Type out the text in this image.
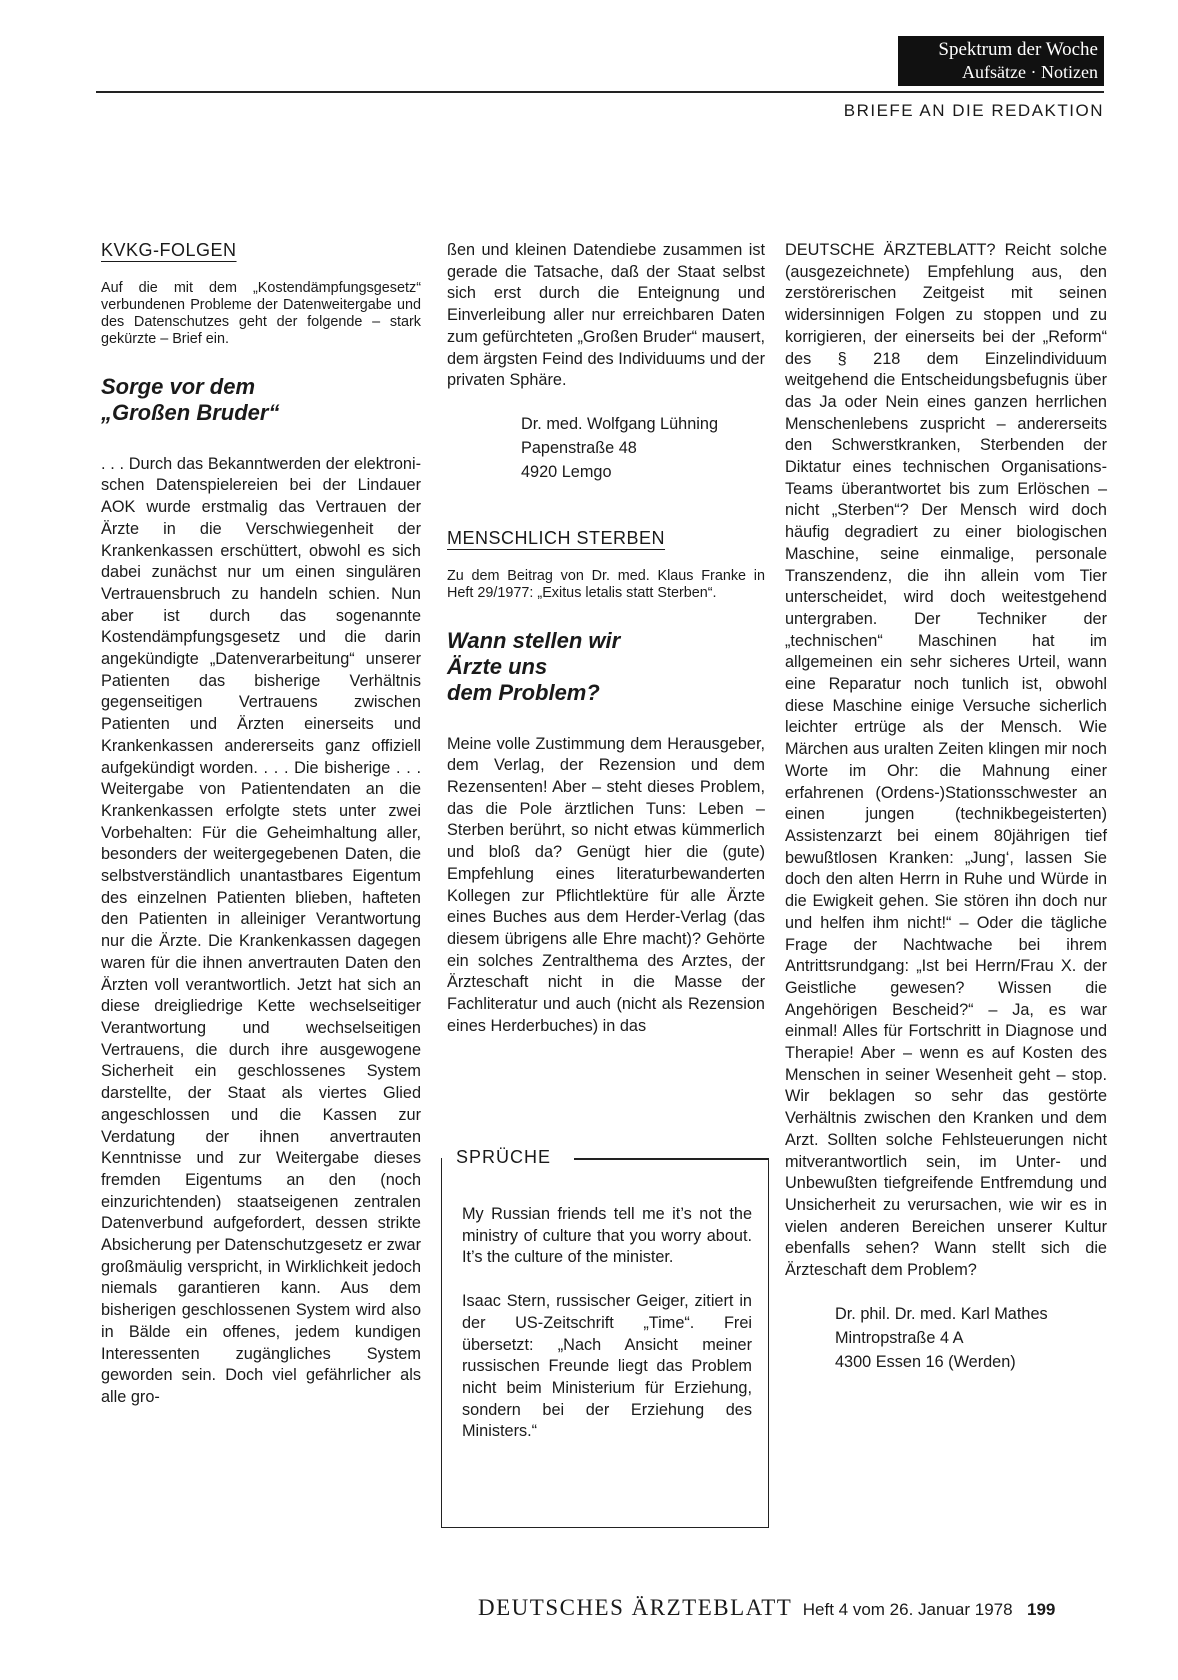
Spektrum der Woche
Aufsätze · Notizen
BRIEFE AN DIE REDAKTION
KVKG-FOLGEN
Auf die mit dem „Kostendämpfungsgesetz“ verbundenen Probleme der Datenweitergabe und des Datenschutzes geht der folgende – stark gekürzte – Brief ein.
Sorge vor dem
„Großen Bruder“
. . . Durch das Bekanntwerden der elektronischen Datenspielereien bei der Lindauer AOK wurde erstmalig das Vertrauen der Ärzte in die Verschwiegenheit der Krankenkassen erschüttert, obwohl es sich dabei zunächst nur um einen singulären Vertrauensbruch zu handeln schien. Nun aber ist durch das sogenannte Kostendämpfungsgesetz und die darin angekündigte „Datenverarbeitung“ unserer Patienten das bisherige Verhältnis gegenseitigen Vertrauens zwischen Patienten und Ärzten einerseits und Krankenkassen andererseits ganz offiziell aufgekündigt worden. . . . Die bisherige . . . Weitergabe von Patientendaten an die Krankenkassen erfolgte stets unter zwei Vorbehalten: Für die Geheimhaltung aller, besonders der weitergegebenen Daten, die selbstverständlich unantastbares Eigentum des einzelnen Patienten blieben, hafteten den Patienten in alleiniger Verantwortung nur die Ärzte. Die Krankenkassen dagegen waren für die ihnen anvertrauten Daten den Ärzten voll verantwortlich. Jetzt hat sich an diese dreigliedrige Kette wechselseitiger Verantwortung und wechselseitigen Vertrauens, die durch ihre ausgewogene Sicherheit ein geschlossenes System darstellte, der Staat als viertes Glied angeschlossen und die Kassen zur Verdatung der ihnen anvertrauten Kenntnisse und zur Weitergabe dieses fremden Eigentums an den (noch einzurichtenden) staatseigenen zentralen Datenverbund aufgefordert, dessen strikte Absicherung per Datenschutzgesetz er zwar großmäulig verspricht, in Wirklichkeit jedoch niemals garantieren kann. Aus dem bisherigen geschlossenen System wird also in Bälde ein offenes, jedem kundigen Interessenten zugängliches System geworden sein. Doch viel gefährlicher als alle gro-
ßen und kleinen Datendiebe zusammen ist gerade die Tatsache, daß der Staat selbst sich erst durch die Enteignung und Einverleibung aller nur erreichbaren Daten zum gefürchteten „Großen Bruder“ mausert, dem ärgsten Feind des Individuums und der privaten Sphäre.
Dr. med. Wolfgang Lühning
Papenstraße 48
4920 Lemgo
MENSCHLICH STERBEN
Zu dem Beitrag von Dr. med. Klaus Franke in Heft 29/1977: „Exitus letalis statt Sterben“.
Wann stellen wir
Ärzte uns
dem Problem?
Meine volle Zustimmung dem Herausgeber, dem Verlag, der Rezension und dem Rezensenten! Aber – steht dieses Problem, das die Pole ärztlichen Tuns: Leben – Sterben berührt, so nicht etwas kümmerlich und bloß da? Genügt hier die (gute) Empfehlung eines literaturbewanderten Kollegen zur Pflichtlektüre für alle Ärzte eines Buches aus dem Herder-Verlag (das diesem übrigens alle Ehre macht)? Gehörte ein solches Zentralthema des Arztes, der Ärzteschaft nicht in die Masse der Fachliteratur und auch (nicht als Rezension eines Herderbuches) in das
SPRÜCHE

My Russian friends tell me it’s not the ministry of culture that you worry about. It’s the culture of the minister.

Isaac Stern, russischer Geiger, zitiert in der US-Zeitschrift „Time“. Frei übersetzt: „Nach Ansicht meiner russischen Freunde liegt das Problem nicht beim Ministerium für Erziehung, sondern bei der Erziehung des Ministers.“

DEUTSCHE ÄRZTEBLATT? Reicht solche (ausgezeichnete) Empfehlung aus, den zerstörerischen Zeitgeist mit seinen widersinnigen Folgen zu stoppen und zu korrigieren, der einerseits bei der „Reform“ des § 218 dem Einzelindividuum weitgehend die Entscheidungsbefugnis über das Ja oder Nein eines ganzen herrlichen Menschenlebens zuspricht – andererseits den Schwerstkranken, Sterbenden der Diktatur eines technischen Organisations-Teams überantwortet bis zum Erlöschen – nicht „Sterben“? Der Mensch wird doch häufig degradiert zu einer biologischen Maschine, seine einmalige, personale Transzendenz, die ihn allein vom Tier unterscheidet, wird doch weitestgehend untergraben. Der Techniker der „technischen“ Maschinen hat im allgemeinen ein sehr sicheres Urteil, wann eine Reparatur noch tunlich ist, obwohl diese Maschine einige Versuche sicherlich leichter ertrüge als der Mensch. Wie Märchen aus uralten Zeiten klingen mir noch Worte im Ohr: die Mahnung einer erfahrenen (Ordens-)Stationsschwester an einen jungen (technikbegeisterten) Assistenzarzt bei einem 80jährigen tief bewußtlosen Kranken: „Jung‘, lassen Sie doch den alten Herrn in Ruhe und Würde in die Ewigkeit gehen. Sie stören ihn doch nur und helfen ihm nicht!“ – Oder die tägliche Frage der Nachtwache bei ihrem Antrittsrundgang: „Ist bei Herrn/Frau X. der Geistliche gewesen? Wissen die Angehörigen Bescheid?“ – Ja, es war einmal! Alles für Fortschritt in Diagnose und Therapie! Aber – wenn es auf Kosten des Menschen in seiner Wesenheit geht – stop. Wir beklagen so sehr das gestörte Verhältnis zwischen den Kranken und dem Arzt. Sollten solche Fehlsteuerungen nicht mitverantwortlich sein, im Unter- und Unbewußten tiefgreifende Entfremdung und Unsicherheit zu verursachen, wie wir es in vielen anderen Bereichen unserer Kultur ebenfalls sehen? Wann stellt sich die Ärzteschaft dem Problem?
Dr. phil. Dr. med. Karl Mathes
Mintropstraße 4 A
4300 Essen 16 (Werden)
DEUTSCHES ÄRZTEBLATT Heft 4 vom 26. Januar 1978 199
